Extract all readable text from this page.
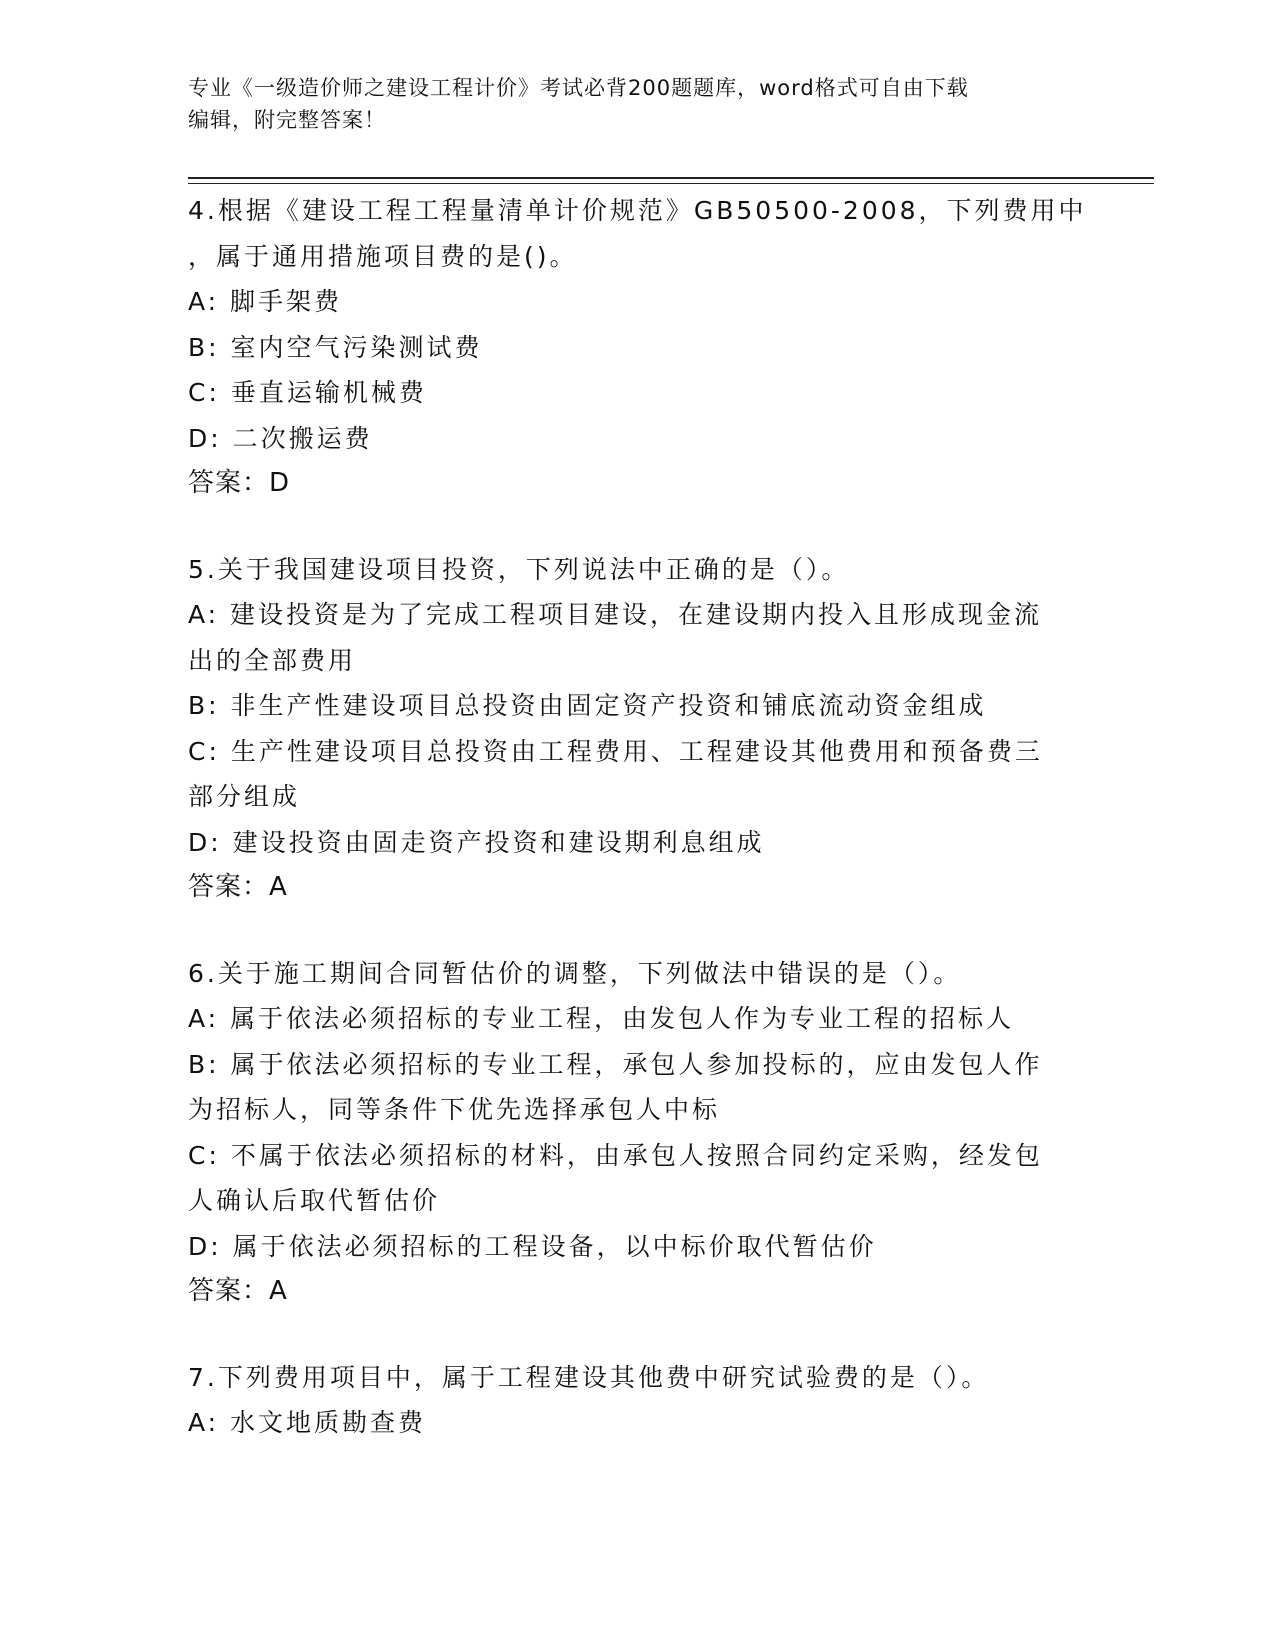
专业《一级造价师之建设工程计价》考试必背200题题库，word格式可自由下载
编辑，附完整答案！
4.根据《建设工程工程量清单计价规范》GB50500-2008，下列费用中
，属于通用措施项目费的是()。
A: 脚手架费
B: 室内空气污染测试费
C: 垂直运输机械费
D: 二次搬运费
答案：D
5.关于我国建设项目投资，下列说法中正确的是（）。
A: 建设投资是为了完成工程项目建设，在建设期内投入且形成现金流
出的全部费用
B: 非生产性建设项目总投资由固定资产投资和铺底流动资金组成
C: 生产性建设项目总投资由工程费用、工程建设其他费用和预备费三
部分组成
D: 建设投资由固走资产投资和建设期利息组成
答案：A
6.关于施工期间合同暂估价的调整，下列做法中错误的是（）。
A: 属于依法必须招标的专业工程，由发包人作为专业工程的招标人
B: 属于依法必须招标的专业工程，承包人参加投标的，应由发包人作
为招标人，同等条件下优先选择承包人中标
C: 不属于依法必须招标的材料，由承包人按照合同约定采购，经发包
人确认后取代暂估价
D: 属于依法必须招标的工程设备，以中标价取代暂估价
答案：A
7.下列费用项目中，属于工程建设其他费中研究试验费的是（）。
A: 水文地质勘查费
